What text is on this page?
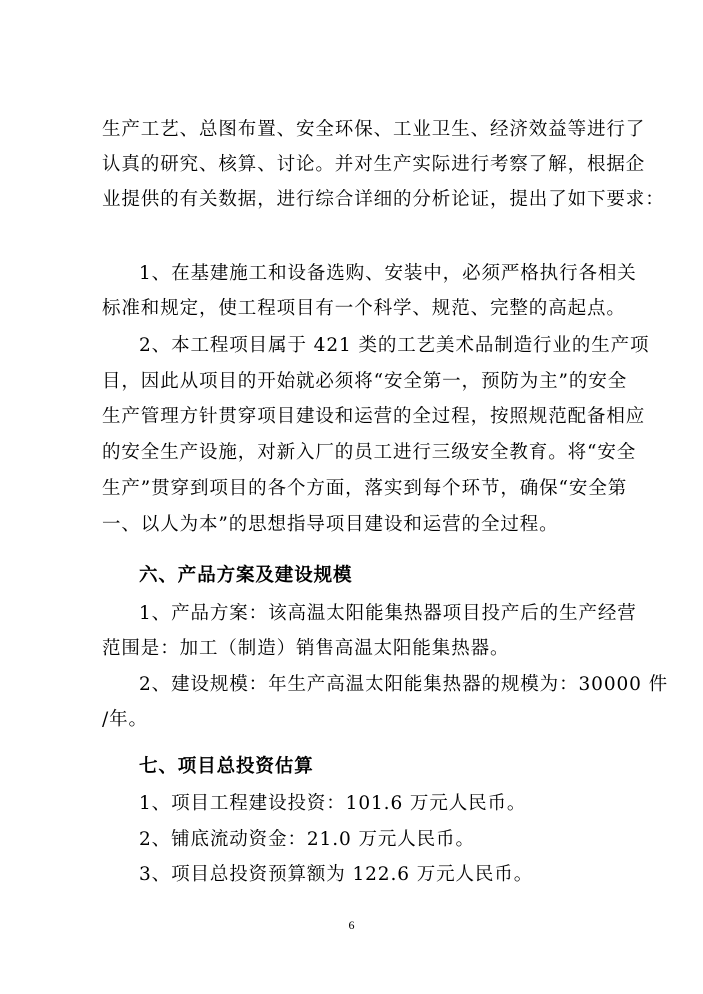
生产工艺、总图布置、安全环保、工业卫生、经济效益等进行了
认真的研究、核算、讨论。并对生产实际进行考察了解，根据企
业提供的有关数据，进行综合详细的分析论证，提出了如下要求：
1、在基建施工和设备选购、安装中，必须严格执行各相关
标准和规定，使工程项目有一个科学、规范、完整的高起点。
2、本工程项目属于 421 类的工艺美术品制造行业的生产项
目，因此从项目的开始就必须将“安全第一，预防为主”的安全
生产管理方针贯穿项目建设和运营的全过程，按照规范配备相应
的安全生产设施，对新入厂的员工进行三级安全教育。将“安全
生产”贯穿到项目的各个方面，落实到每个环节，确保“安全第
一、以人为本”的思想指导项目建设和运营的全过程。
六、产品方案及建设规模
1、产品方案：该高温太阳能集热器项目投产后的生产经营
范围是：加工（制造）销售高温太阳能集热器。
2、建设规模：年生产高温太阳能集热器的规模为：30000 件
/年。
七、项目总投资估算
1、项目工程建设投资：101.6 万元人民币。
2、铺底流动资金：21.0 万元人民币。
3、项目总投资预算额为 122.6 万元人民币。
6
